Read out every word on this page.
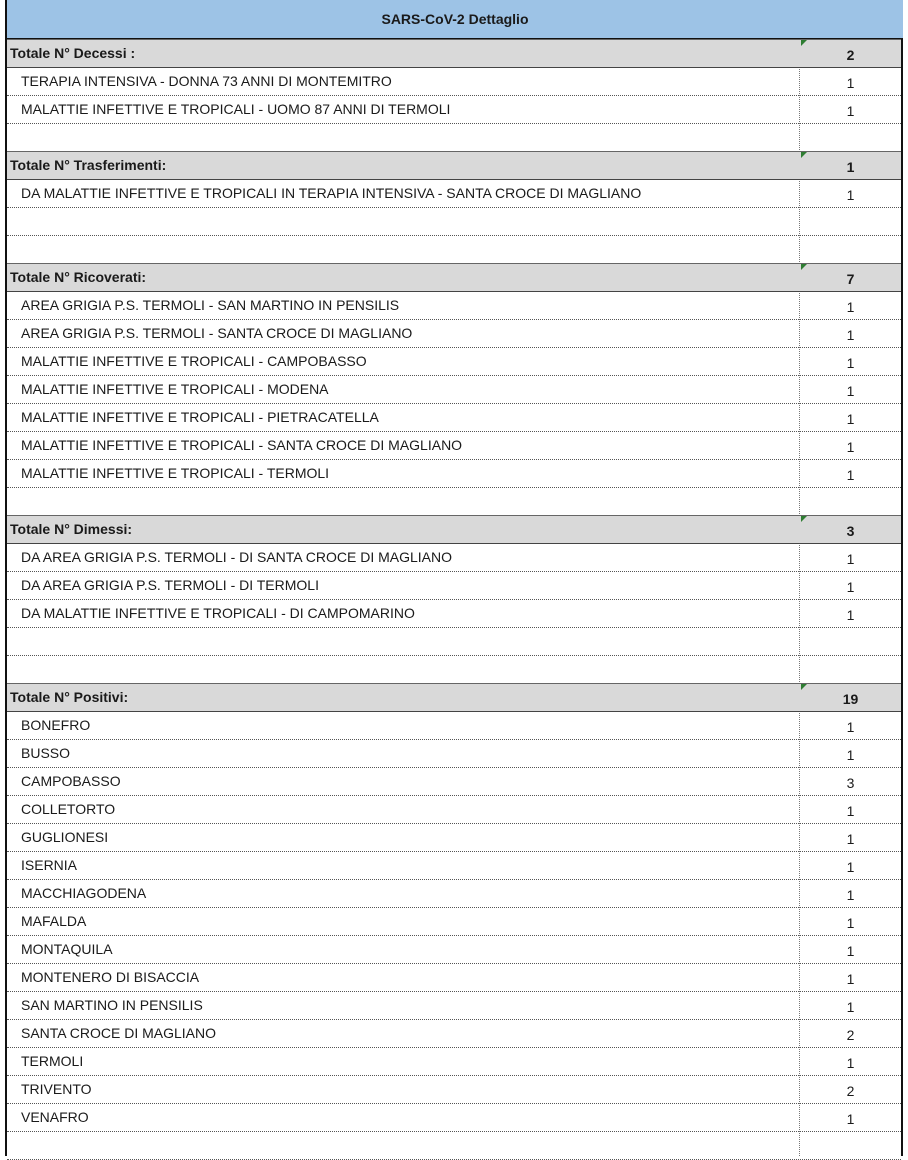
SARS-CoV-2 Dettaglio
Totale N° Decessi :	2
TERAPIA INTENSIVA - DONNA 73 ANNI DI MONTEMITRO	1
MALATTIE INFETTIVE E TROPICALI - UOMO 87 ANNI DI TERMOLI	1
Totale N° Trasferimenti:	1
DA MALATTIE INFETTIVE E TROPICALI IN TERAPIA INTENSIVA - SANTA CROCE DI MAGLIANO	1
Totale N° Ricoverati:	7
AREA GRIGIA P.S. TERMOLI - SAN MARTINO IN PENSILIS	1
AREA GRIGIA P.S. TERMOLI - SANTA CROCE DI MAGLIANO	1
MALATTIE INFETTIVE E TROPICALI - CAMPOBASSO	1
MALATTIE INFETTIVE E TROPICALI - MODENA	1
MALATTIE INFETTIVE E TROPICALI - PIETRACATELLA	1
MALATTIE INFETTIVE E TROPICALI - SANTA CROCE DI MAGLIANO	1
MALATTIE INFETTIVE E TROPICALI - TERMOLI	1
Totale N° Dimessi:	3
DA AREA GRIGIA P.S. TERMOLI - DI SANTA CROCE DI MAGLIANO	1
DA AREA GRIGIA P.S. TERMOLI - DI TERMOLI	1
DA MALATTIE INFETTIVE E TROPICALI - DI CAMPOMARINO	1
Totale N° Positivi:	19
BONEFRO	1
BUSSO	1
CAMPOBASSO	3
COLLETORTO	1
GUGLIONESI	1
ISERNIA	1
MACCHIAGODENA	1
MAFALDA	1
MONTAQUILA	1
MONTENERO DI BISACCIA	1
SAN MARTINO IN PENSILIS	1
SANTA CROCE DI MAGLIANO	2
TERMOLI	1
TRIVENTO	2
VENAFRO	1
